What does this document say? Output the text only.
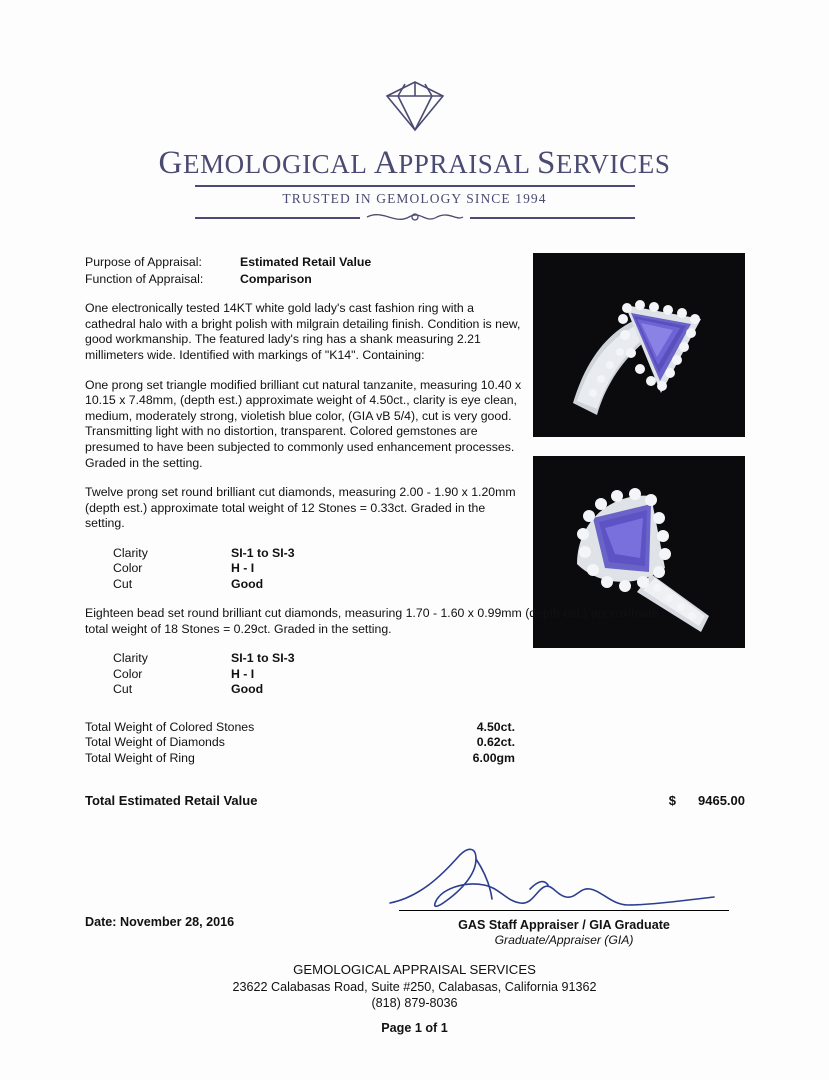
GEMOLOGICAL APPRAISAL SERVICES
TRUSTED IN GEMOLOGY SINCE 1994
Purpose of Appraisal:	Estimated Retail Value
Function of Appraisal:	Comparison

One electronically tested 14KT white gold lady's cast fashion ring with a cathedral halo with a bright polish with milgrain detailing finish. Condition is new, good workmanship. The featured lady's ring has a shank measuring 2.21 millimeters wide. Identified with markings of "K14". Containing:

One prong set triangle modified brilliant cut natural tanzanite, measuring 10.40 x 10.15 x 7.48mm, (depth est.) approximate weight of 4.50ct., clarity is eye clean, medium, moderately strong, violetish blue color, (GIA vB 5/4), cut is very good. Transmitting light with no distortion, transparent. Colored gemstones are presumed to have been subjected to commonly used enhancement processes. Graded in the setting.

Twelve prong set round brilliant cut diamonds, measuring 2.00 - 1.90 x 1.20mm (depth est.) approximate total weight of 12 Stones = 0.33ct. Graded in the setting.

Clarity	SI-1 to SI-3
Color	H - I
Cut	Good

Eighteen bead set round brilliant cut diamonds, measuring 1.70 - 1.60 x 0.99mm (depth est.) approximate total weight of 18 Stones = 0.29ct. Graded in the setting.

Clarity	SI-1 to SI-3
Color	H - I
Cut	Good
Total Weight of Colored Stones	4.50ct.
Total Weight of Diamonds	0.62ct.
Total Weight of Ring	6.00gm
Total Estimated Retail Value	$ 9465.00
Date: November 28, 2016	GAS Staff Appraiser / GIA Graduate
Graduate/Appraiser (GIA)
GEMOLOGICAL APPRAISAL SERVICES
23622 Calabasas Road, Suite #250, Calabasas, California 91362
(818) 879-8036
Page 1 of 1
